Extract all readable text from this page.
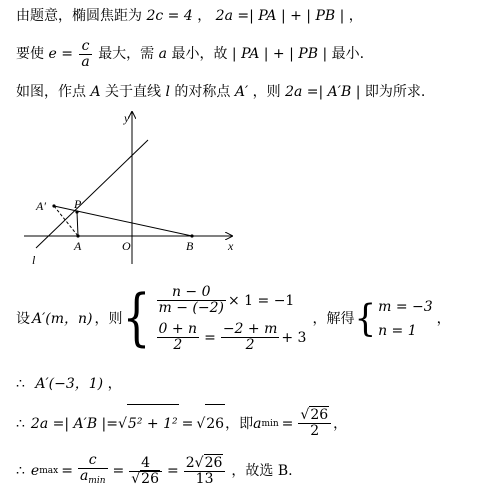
由题意，椭圆焦距为 2c = 4 ， 2a =| PA | + | PB | ，
要使 $e = \frac{c}{a}$ 最大，需 a 最小，故 | PA | + | PB | 最小.
如图，作点 A 关于直线 l 的对称点 A′ ，则 2a =| A′B | 即为所求.
y
x
O
A	B
P
A′
l
设 A′(m，n) ，则 { $\frac{n - 0}{m - (-2)} \times 1 = -1$
$\frac{0 + n}{2} = \frac{-2 + m}{2} + 3$
，解得 { m = −3
n = 1
，
∴ A′(−3，1) ，
∴ 2a =| A′B |= √ 5² + 1² = √ 26 ，即 a $\min = \frac{√26}{2}$ ，
∴ e $\max = \frac{c}{a_{min}} = \frac{4}{√26} = \frac{2√26}{13}$ ，故选 B.
